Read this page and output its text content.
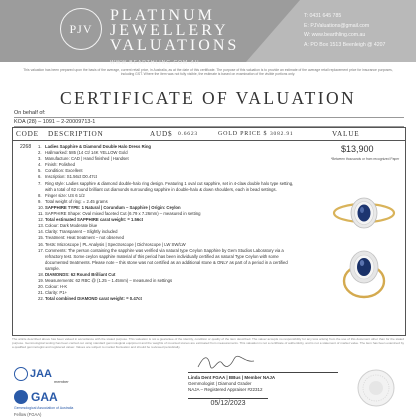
PJV
PLATINUM
JEWELLERY
VALUATIONS
WWW.BEARTHLING.COM.AU
T: 0431 645 785
E: PJValuations@gmail.com
W: www.bearthling.com.au
A: PO Box 1513 Beenleigh @ 4207
This valuation has been prepared upon the basis of the average, current retail price, in Australia, as at the date of this certificate. The purpose of this valuation is to provide an estimate of the average retail replacement price for insurance purposes, including GST. Where the item was not fully visible, the estimate is based on examination of the visible portions only.
CERTIFICATE OF VALUATION
On behalf of:
KOA (28) – 1091 – 2-20009713-1
CODE	DESCRIPTION	AUD$	0.6623	GOLD PRICE $ 3082.91	VALUE
2268 1. Ladies Sapphire & Diamond Double Halo Dress Ring
2. Hallmarked: 585 (14 Ct/ 14K YELLOW Gold
3. Manufacture: CAD | Hand finished | Handset
4. Finish: Polished
5. Condition: Excellent
6. Inscription: S1.56ct D0.47ct
7. Ring style: Ladies sapphire & diamond double-halo ring design. Featuring 1 oval cut sapphire, set in 4-claw double halo type setting, with a total of 62 round brilliant cut diamonds surrounding sapphire in double-halo & down shoulders, each in bead settings.
8. Finger size: US 6 1/2
9. Total weight of ring: = 2.45 grams
10. SAPPHIRE TYPE: 1 Natural | Corundum – Sapphire | Origin: Ceylon
11. SAPPHIRE Shape: Oval mixed faceted Cut (6.79 x 7.26mm) – measured in setting
12. Total estimated SAPPHIRE carat weight: = 1.56ct
13. Colour: Dark Moderate blue
14. Clarity: Transparent – Slightly included
15. Treatment: Heat treatment – not observed
16. Tests: Microscope | PL Analysis | Spectroscope | Dichroscope | LW SW/LW
17. Comments: The person containing the sapphire was verified via natural type Ceylon Sapphire by Gem Studios Laboratory via a refractory test. Some ceylon sapphire material of this period has been individually certified as natural Type Ceylon with some documented treatments. Please note – this stone was not certified as an additional stone & ONLY as part of a period in a certified sample.
18. DIAMONDS: 62 Round Brilliant Cut
19. Measurements: 62 RBC @ (1.25 – 1.45mm) – measured in settings
20. Colour: H-K
21. Clarity: P1+
22. Total combined DIAMOND carat weight: = 0.47ct
$13,900
*Between thousands or from recognized Paper
The article described above has been valued in accordance with the stated purpose. This valuation is not a guarantee of the identity, condition or quality of the item described. The valuer accepts no responsibility for any loss arising from the use of this document other than for the stated purpose. Gemmological testing has been carried out using standard gemmological equipment and the weights of mounted stones are estimated from measurements. This valuation is not a certificate of authenticity, and is not a statement of market value. The item has been examined by a qualified gemmologist and registered valuer. Values are subject to market fluctuation and should be reviewed periodically.
JAA
member
GAA
Gemmological Association of Australia
Fellow (FGAA)
Linda Dent FGAA | BBus | Member NAJA
Gemmologist | Diamond Grader
NAJA – Registered Appraiser #22312
05/12/2023
